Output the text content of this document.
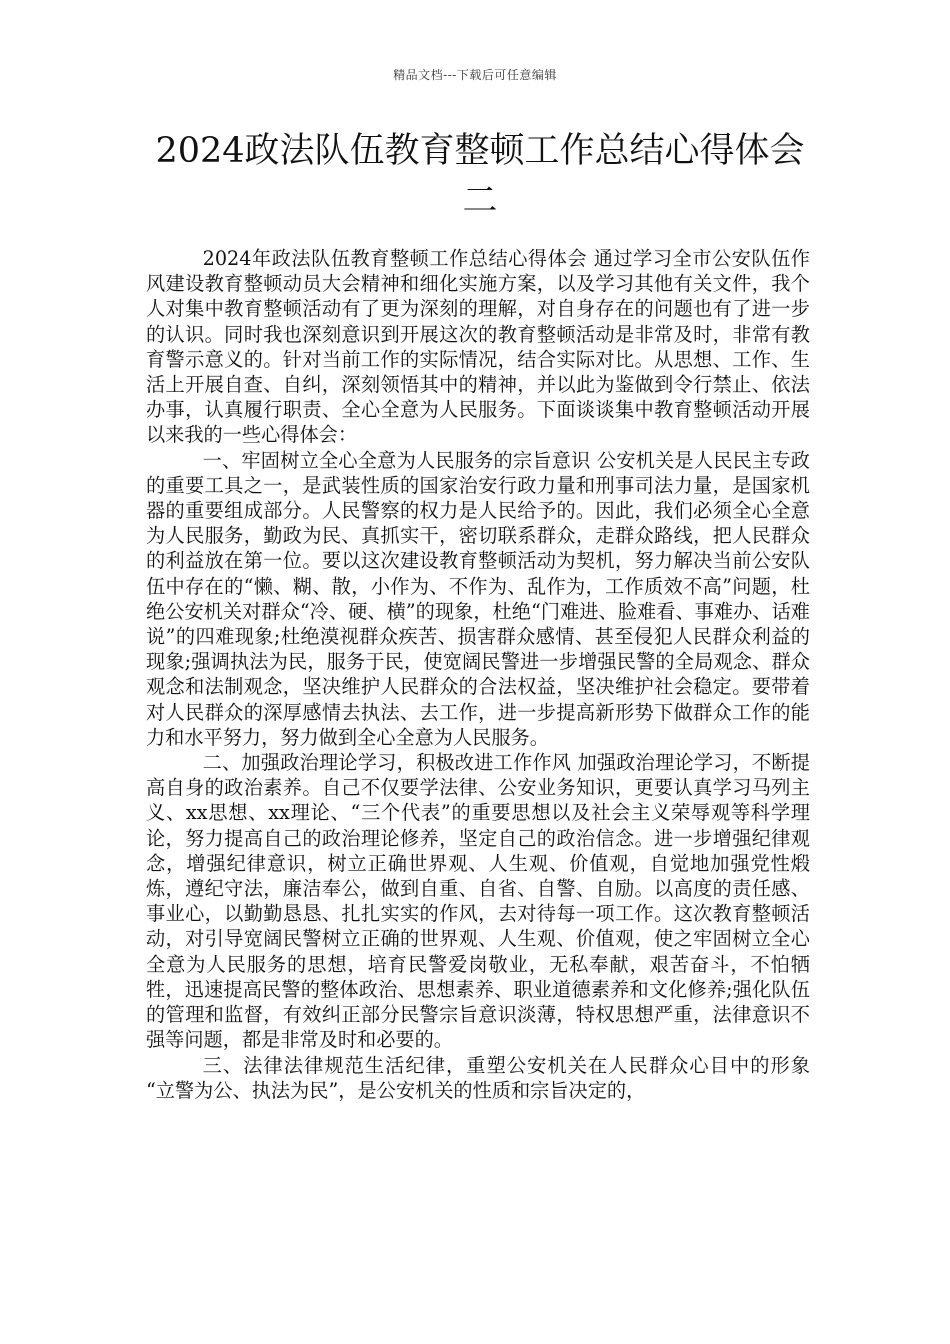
精品文档---下载后可任意编辑
2024政法队伍教育整顿工作总结心得体会二

2024年政法队伍教育整顿工作总结心得体会 通过学习全市公安队伍作风建设教育整顿动员大会精神和细化实施方案，以及学习其他有关文件，我个人对集中教育整顿活动有了更为深刻的理解，对自身存在的问题也有了进一步的认识。同时我也深刻意识到开展这次的教育整顿活动是非常及时，非常有教育警示意义的。针对当前工作的实际情况，结合实际对比。从思想、工作、生活上开展自查、自纠，深刻领悟其中的精神，并以此为鉴做到令行禁止、依法办事，认真履行职责、全心全意为人民服务。下面谈谈集中教育整顿活动开展以来我的一些心得体会：

一、牢固树立全心全意为人民服务的宗旨意识 公安机关是人民民主专政的重要工具之一，是武装性质的国家治安行政力量和刑事司法力量，是国家机器的重要组成部分。人民警察的权力是人民给予的。因此，我们必须全心全意为人民服务，勤政为民、真抓实干，密切联系群众，走群众路线，把人民群众的利益放在第一位。要以这次建设教育整顿活动为契机，努力解决当前公安队伍中存在的“懒、糊、散，小作为、不作为、乱作为，工作质效不高”问题，杜绝公安机关对群众“冷、硬、横”的现象，杜绝“门难进、脸难看、事难办、话难说”的四难现象;杜绝漠视群众疾苦、损害群众感情、甚至侵犯人民群众利益的现象;强调执法为民，服务于民，使宽阔民警进一步增强民警的全局观念、群众观念和法制观念，坚决维护人民群众的合法权益，坚决维护社会稳定。要带着对人民群众的深厚感情去执法、去工作，进一步提高新形势下做群众工作的能力和水平努力，努力做到全心全意为人民服务。

二、加强政治理论学习，积极改进工作作风 加强政治理论学习，不断提高自身的政治素养。自己不仅要学法律、公安业务知识，更要认真学习马列主义、xx思想、xx理论、“三个代表”的重要思想以及社会主义荣辱观等科学理论，努力提高自己的政治理论修养，坚定自己的政治信念。进一步增强纪律观念，增强纪律意识，树立正确世界观、人生观、价值观，自觉地加强党性煅炼，遵纪守法，廉洁奉公，做到自重、自省、自警、自励。以高度的责任感、事业心，以勤勤恳恳、扎扎实实的作风，去对待每一项工作。这次教育整顿活动，对引导宽阔民警树立正确的世界观、人生观、价值观，使之牢固树立全心全意为人民服务的思想，培育民警爱岗敬业，无私奉献，艰苦奋斗，不怕牺牲，迅速提高民警的整体政治、思想素养、职业道德素养和文化修养;强化队伍的管理和监督，有效纠正部分民警宗旨意识淡薄，特权思想严重，法律意识不强等问题，都是非常及时和必要的。

三、法律法律规范生活纪律，重塑公安机关在人民群众心目中的形象 “立警为公、执法为民”，是公安机关的性质和宗旨决定的，
